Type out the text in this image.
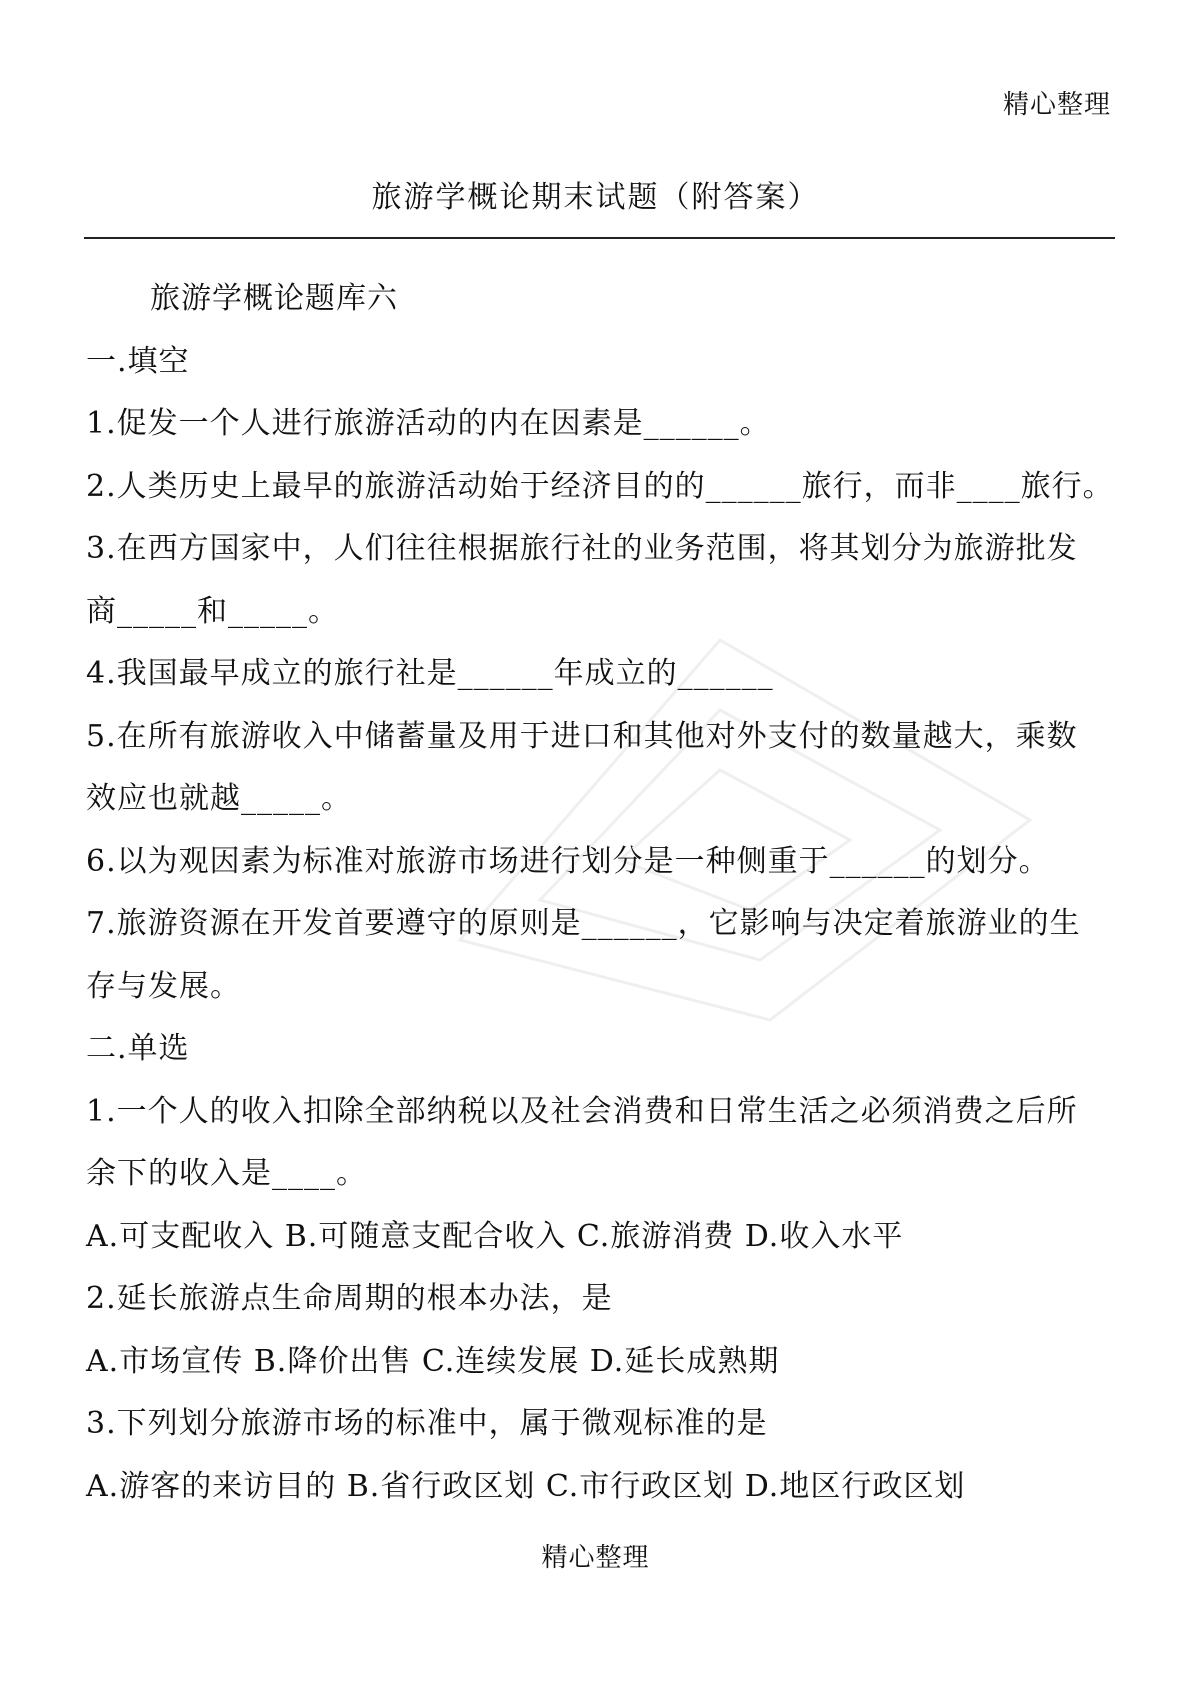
精心整理
旅游学概论期末试题（附答案）
旅游学概论题库六
一.填空
1.促发一个人进行旅游活动的内在因素是______。
2.人类历史上最早的旅游活动始于经济目的的______旅行，而非____旅行。
3.在西方国家中，人们往往根据旅行社的业务范围，将其划分为旅游批发
商_____和_____。
4.我国最早成立的旅行社是______年成立的______
5.在所有旅游收入中储蓄量及用于进口和其他对外支付的数量越大，乘数
效应也就越_____。
6.以为观因素为标准对旅游市场进行划分是一种侧重于______的划分。
7.旅游资源在开发首要遵守的原则是______，它影响与决定着旅游业的生
存与发展。
二.单选
1.一个人的收入扣除全部纳税以及社会消费和日常生活之必须消费之后所
余下的收入是____。
A.可支配收入 B.可随意支配合收入 C.旅游消费 D.收入水平
2.延长旅游点生命周期的根本办法，是
A.市场宣传 B.降价出售 C.连续发展 D.延长成熟期
3.下列划分旅游市场的标准中，属于微观标准的是
A.游客的来访目的 B.省行政区划 C.市行政区划 D.地区行政区划
精心整理
